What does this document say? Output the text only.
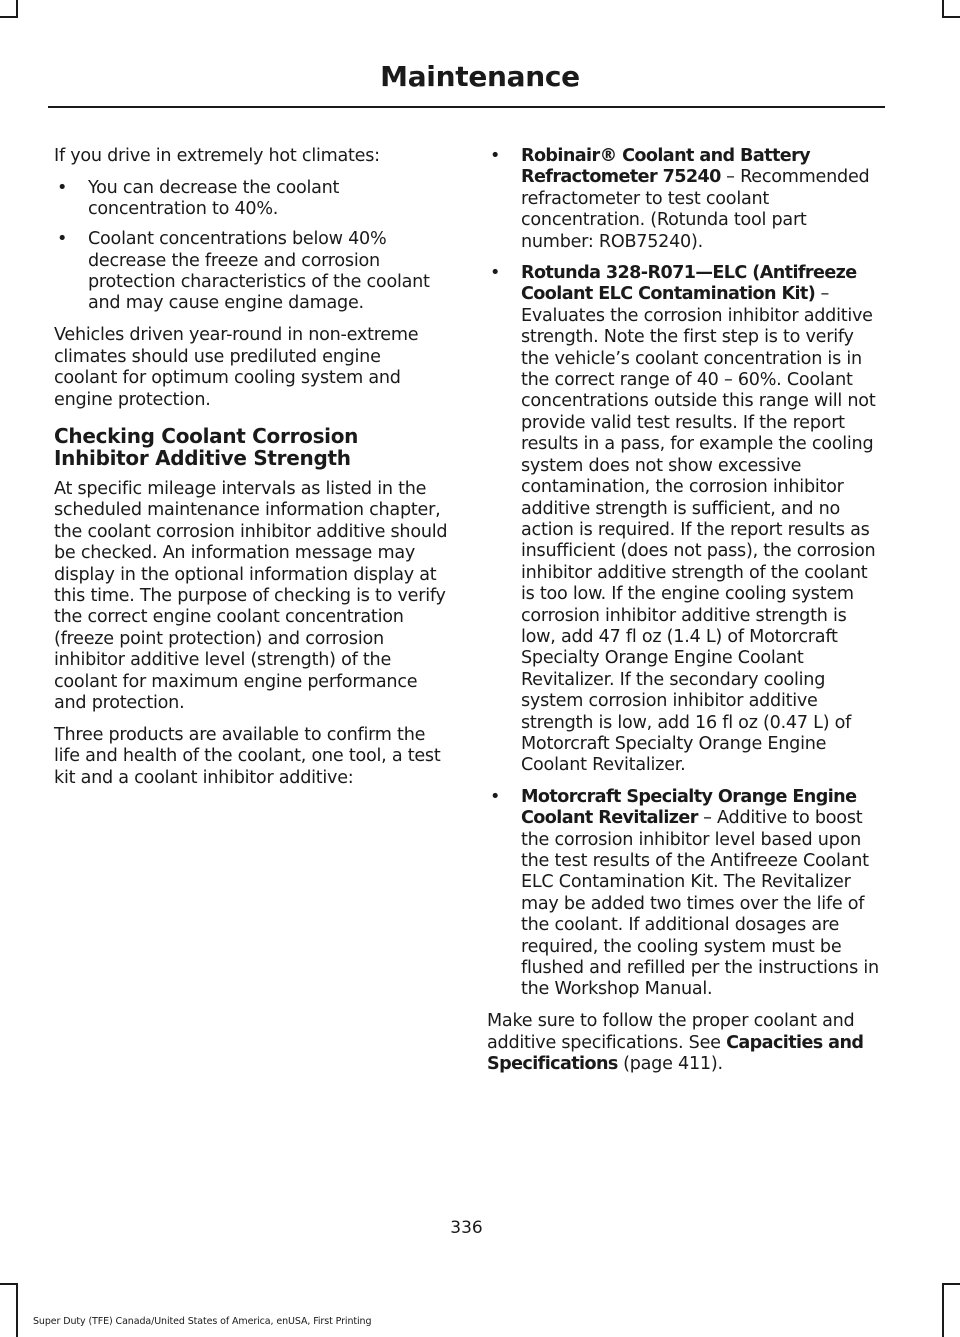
Maintenance

If you drive in extremely hot climates:

• You can decrease the coolant concentration to 40%.
• Coolant concentrations below 40% decrease the freeze and corrosion protection characteristics of the coolant and may cause engine damage.

Vehicles driven year-round in non-extreme climates should use prediluted engine coolant for optimum cooling system and engine protection.

Checking Coolant Corrosion Inhibitor Additive Strength

At specific mileage intervals as listed in the scheduled maintenance information chapter, the coolant corrosion inhibitor additive should be checked. An information message may display in the optional information display at this time. The purpose of checking is to verify the correct engine coolant concentration (freeze point protection) and corrosion inhibitor additive level (strength) of the coolant for maximum engine performance and protection.

Three products are available to confirm the life and health of the coolant, one tool, a test kit and a coolant inhibitor additive:

• Robinair® Coolant and Battery Refractometer 75240 – Recommended refractometer to test coolant concentration. (Rotunda tool part number: ROB75240).
• Rotunda 328-R071—ELC (Antifreeze Coolant ELC Contamination Kit) – Evaluates the corrosion inhibitor additive strength. Note the first step is to verify the vehicle’s coolant concentration is in the correct range of 40 – 60%. Coolant concentrations outside this range will not provide valid test results. If the report results in a pass, for example the cooling system does not show excessive contamination, the corrosion inhibitor additive strength is sufficient, and no action is required. If the report results as insufficient (does not pass), the corrosion inhibitor additive strength of the coolant is too low. If the engine cooling system corrosion inhibitor additive strength is low, add 47 fl oz (1.4 L) of Motorcraft Specialty Orange Engine Coolant Revitalizer. If the secondary cooling system corrosion inhibitor additive strength is low, add 16 fl oz (0.47 L) of Motorcraft Specialty Orange Engine Coolant Revitalizer.
• Motorcraft Specialty Orange Engine Coolant Revitalizer – Additive to boost the corrosion inhibitor level based upon the test results of the Antifreeze Coolant ELC Contamination Kit. The Revitalizer may be added two times over the life of the coolant. If additional dosages are required, the cooling system must be flushed and refilled per the instructions in the Workshop Manual.

Make sure to follow the proper coolant and additive specifications. See Capacities and Specifications (page 411).

336
Super Duty (TFE) Canada/United States of America, enUSA, First Printing
